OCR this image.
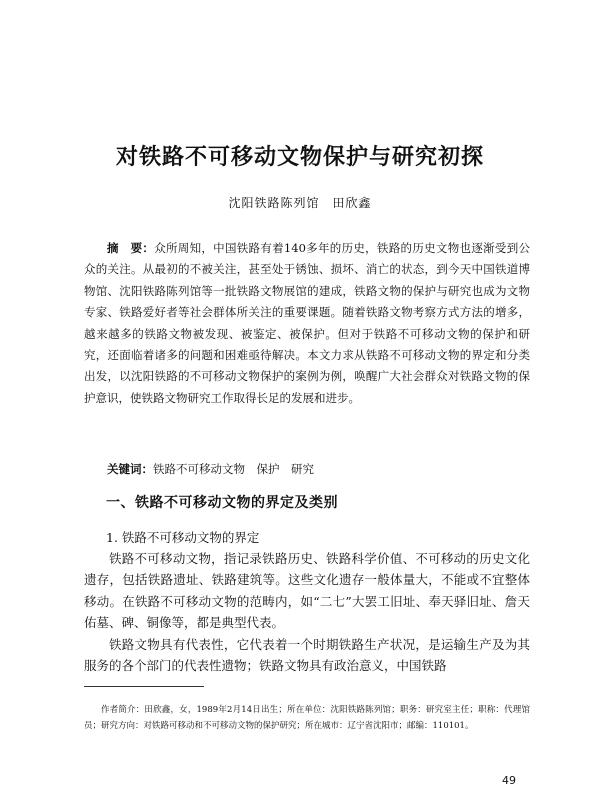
对铁路不可移动文物保护与研究初探
沈阳铁路陈列馆　田欣鑫

摘　要：众所周知，中国铁路有着140多年的历史，铁路的历史文物也逐渐受到公众的关注。从最初的不被关注，甚至处于锈蚀、损坏、消亡的状态，到今天中国铁道博物馆、沈阳铁路陈列馆等一批铁路文物展馆的建成，铁路文物的保护与研究也成为文物专家、铁路爱好者等社会群体所关注的重要课题。随着铁路文物考察方式方法的增多，越来越多的铁路文物被发现、被鉴定、被保护。但对于铁路不可移动文物的保护和研究，还面临着诸多的问题和困难亟待解决。本文力求从铁路不可移动文物的界定和分类出发，以沈阳铁路的不可移动文物保护的案例为例，唤醒广大社会群众对铁路文物的保护意识，使铁路文物研究工作取得长足的发展和进步。

关键词：铁路不可移动文物　保护　研究
一、铁路不可移动文物的界定及类别
1. 铁路不可移动文物的界定

铁路不可移动文物，指记录铁路历史、铁路科学价值、不可移动的历史文化遗存，包括铁路遗址、铁路建筑等。这些文化遗存一般体量大，不能或不宜整体移动。在铁路不可移动文物的范畴内，如“二七”大罢工旧址、奉天驿旧址、詹天佑墓、碑、铜像等，都是典型代表。

铁路文物具有代表性，它代表着一个时期铁路生产状况，是运输生产及为其服务的各个部门的代表性遗物；铁路文物具有政治意义，中国铁路

作者简介：田欣鑫，女，1989年2月14日出生；所在单位：沈阳铁路陈列馆；职务：研究室主任；职称：代理馆员；研究方向：对铁路可移动和不可移动文物的保护研究；所在城市：辽宁省沈阳市；邮编：110101。

49
